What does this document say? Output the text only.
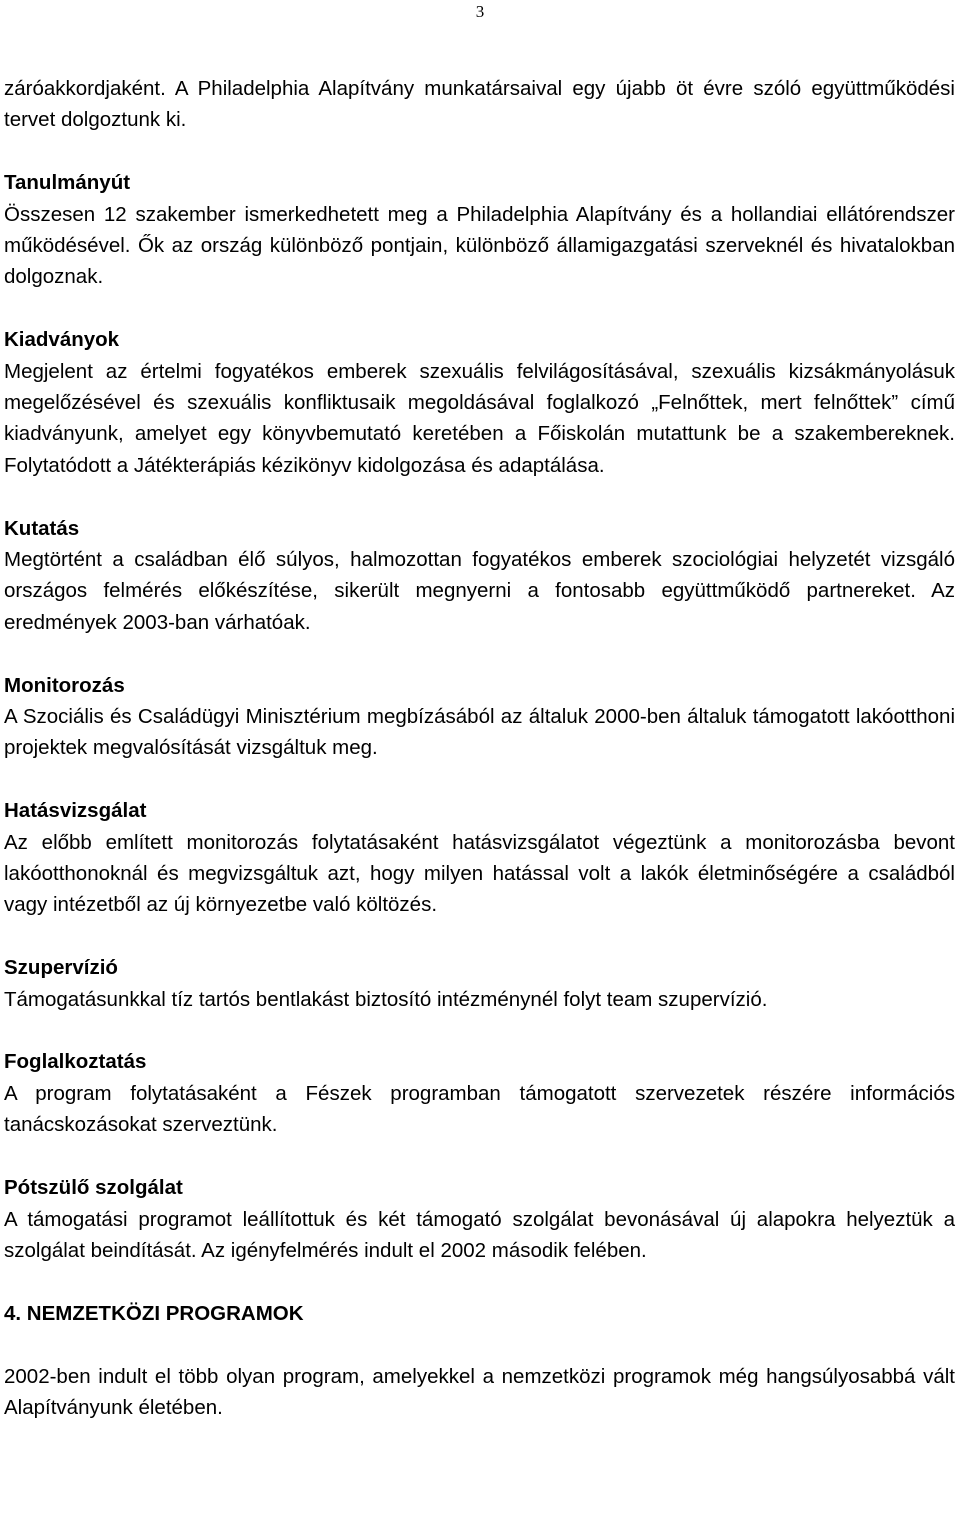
3

záróakkordjaként. A Philadelphia Alapítvány munkatársaival egy újabb öt évre szóló együttműködési tervet dolgoztunk ki.

Tanulmányút

Összesen 12 szakember ismerkedhetett meg a Philadelphia Alapítvány és a hollandiai ellátórendszer működésével. Ők az ország különböző pontjain, különböző államigazgatási szerveknél és hivatalokban dolgoznak.

Kiadványok

Megjelent az értelmi fogyatékos emberek szexuális felvilágosításával, szexuális kizsákmányolásuk megelőzésével és szexuális konfliktusaik megoldásával foglalkozó „Felnőttek, mert felnőttek” című kiadványunk, amelyet egy könyvbemutató keretében a Főiskolán mutattunk be a szakembereknek. Folytatódott a Játékterápiás kézikönyv kidolgozása és adaptálása.

Kutatás

Megtörtént a családban élő súlyos, halmozottan fogyatékos emberek szociológiai helyzetét vizsgáló országos felmérés előkészítése, sikerült megnyerni a fontosabb együttműködő partnereket. Az eredmények 2003-ban várhatóak.

Monitorozás

A Szociális és Családügyi Minisztérium megbízásából az általuk 2000-ben általuk támogatott lakóotthoni projektek megvalósítását vizsgáltuk meg.

Hatásvizsgálat

Az előbb említett monitorozás folytatásaként hatásvizsgálatot végeztünk a monitorozásba bevont lakóotthonoknál és megvizsgáltuk azt, hogy milyen hatással volt a lakók életminőségére a családból vagy intézetből az új környezetbe való költözés.

Szupervízió

Támogatásunkkal tíz tartós bentlakást biztosító intézménynél folyt team szupervízió.

Foglalkoztatás

A program folytatásaként a Fészek programban támogatott szervezetek részére információs tanácskozásokat szerveztünk.

Pótszülő szolgálat

A támogatási programot leállítottuk és két támogató szolgálat bevonásával új alapokra helyeztük a szolgálat beindítását. Az igényfelmérés indult el 2002 második felében.

4. NEMZETKÖZI PROGRAMOK

2002-ben indult el több olyan program, amelyekkel a nemzetközi programok még hangsúlyosabbá vált Alapítványunk életében.
